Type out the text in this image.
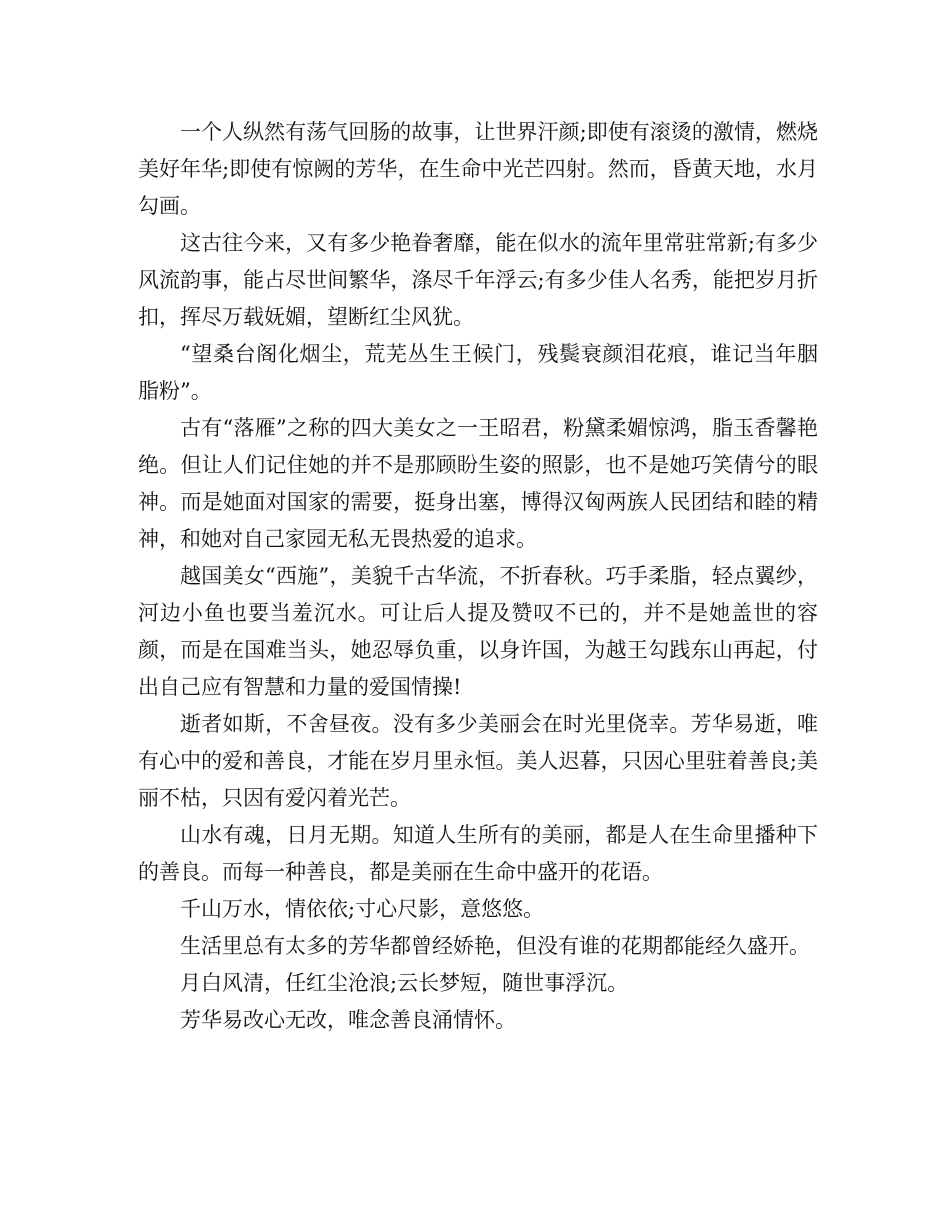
一个人纵然有荡气回肠的故事，让世界汗颜;即使有滚烫的激情，燃烧美好年华;即使有惊阙的芳华，在生命中光芒四射。然而，昏黄天地，水月勾画。

这古往今来，又有多少艳眷奢靡，能在似水的流年里常驻常新;有多少风流韵事，能占尽世间繁华，涤尽千年浮云;有多少佳人名秀，能把岁月折扣，挥尽万载妩媚，望断红尘风犹。

“望桑台阁化烟尘，荒芜丛生王候门，残鬓衰颜泪花痕，谁记当年胭脂粉”。

古有“落雁”之称的四大美女之一王昭君，粉黛柔媚惊鸿，脂玉香馨艳绝。但让人们记住她的并不是那顾盼生姿的照影，也不是她巧笑倩兮的眼神。而是她面对国家的需要，挺身出塞，博得汉匈两族人民团结和睦的精神，和她对自己家园无私无畏热爱的追求。

越国美女“西施”，美貌千古华流，不折春秋。巧手柔脂，轻点翼纱，河边小鱼也要当羞沉水。可让后人提及赞叹不已的，并不是她盖世的容颜，而是在国难当头，她忍辱负重，以身许国，为越王勾践东山再起，付出自己应有智慧和力量的爱国情操!

逝者如斯，不舍昼夜。没有多少美丽会在时光里侥幸。芳华易逝，唯有心中的爱和善良，才能在岁月里永恒。美人迟暮，只因心里驻着善良;美丽不枯，只因有爱闪着光芒。

山水有魂，日月无期。知道人生所有的美丽，都是人在生命里播种下的善良。而每一种善良，都是美丽在生命中盛开的花语。

千山万水，情依依;寸心尺影，意悠悠。

生活里总有太多的芳华都曾经娇艳，但没有谁的花期都能经久盛开。

月白风清，任红尘沧浪;云长梦短，随世事浮沉。

芳华易改心无改，唯念善良涌情怀。
